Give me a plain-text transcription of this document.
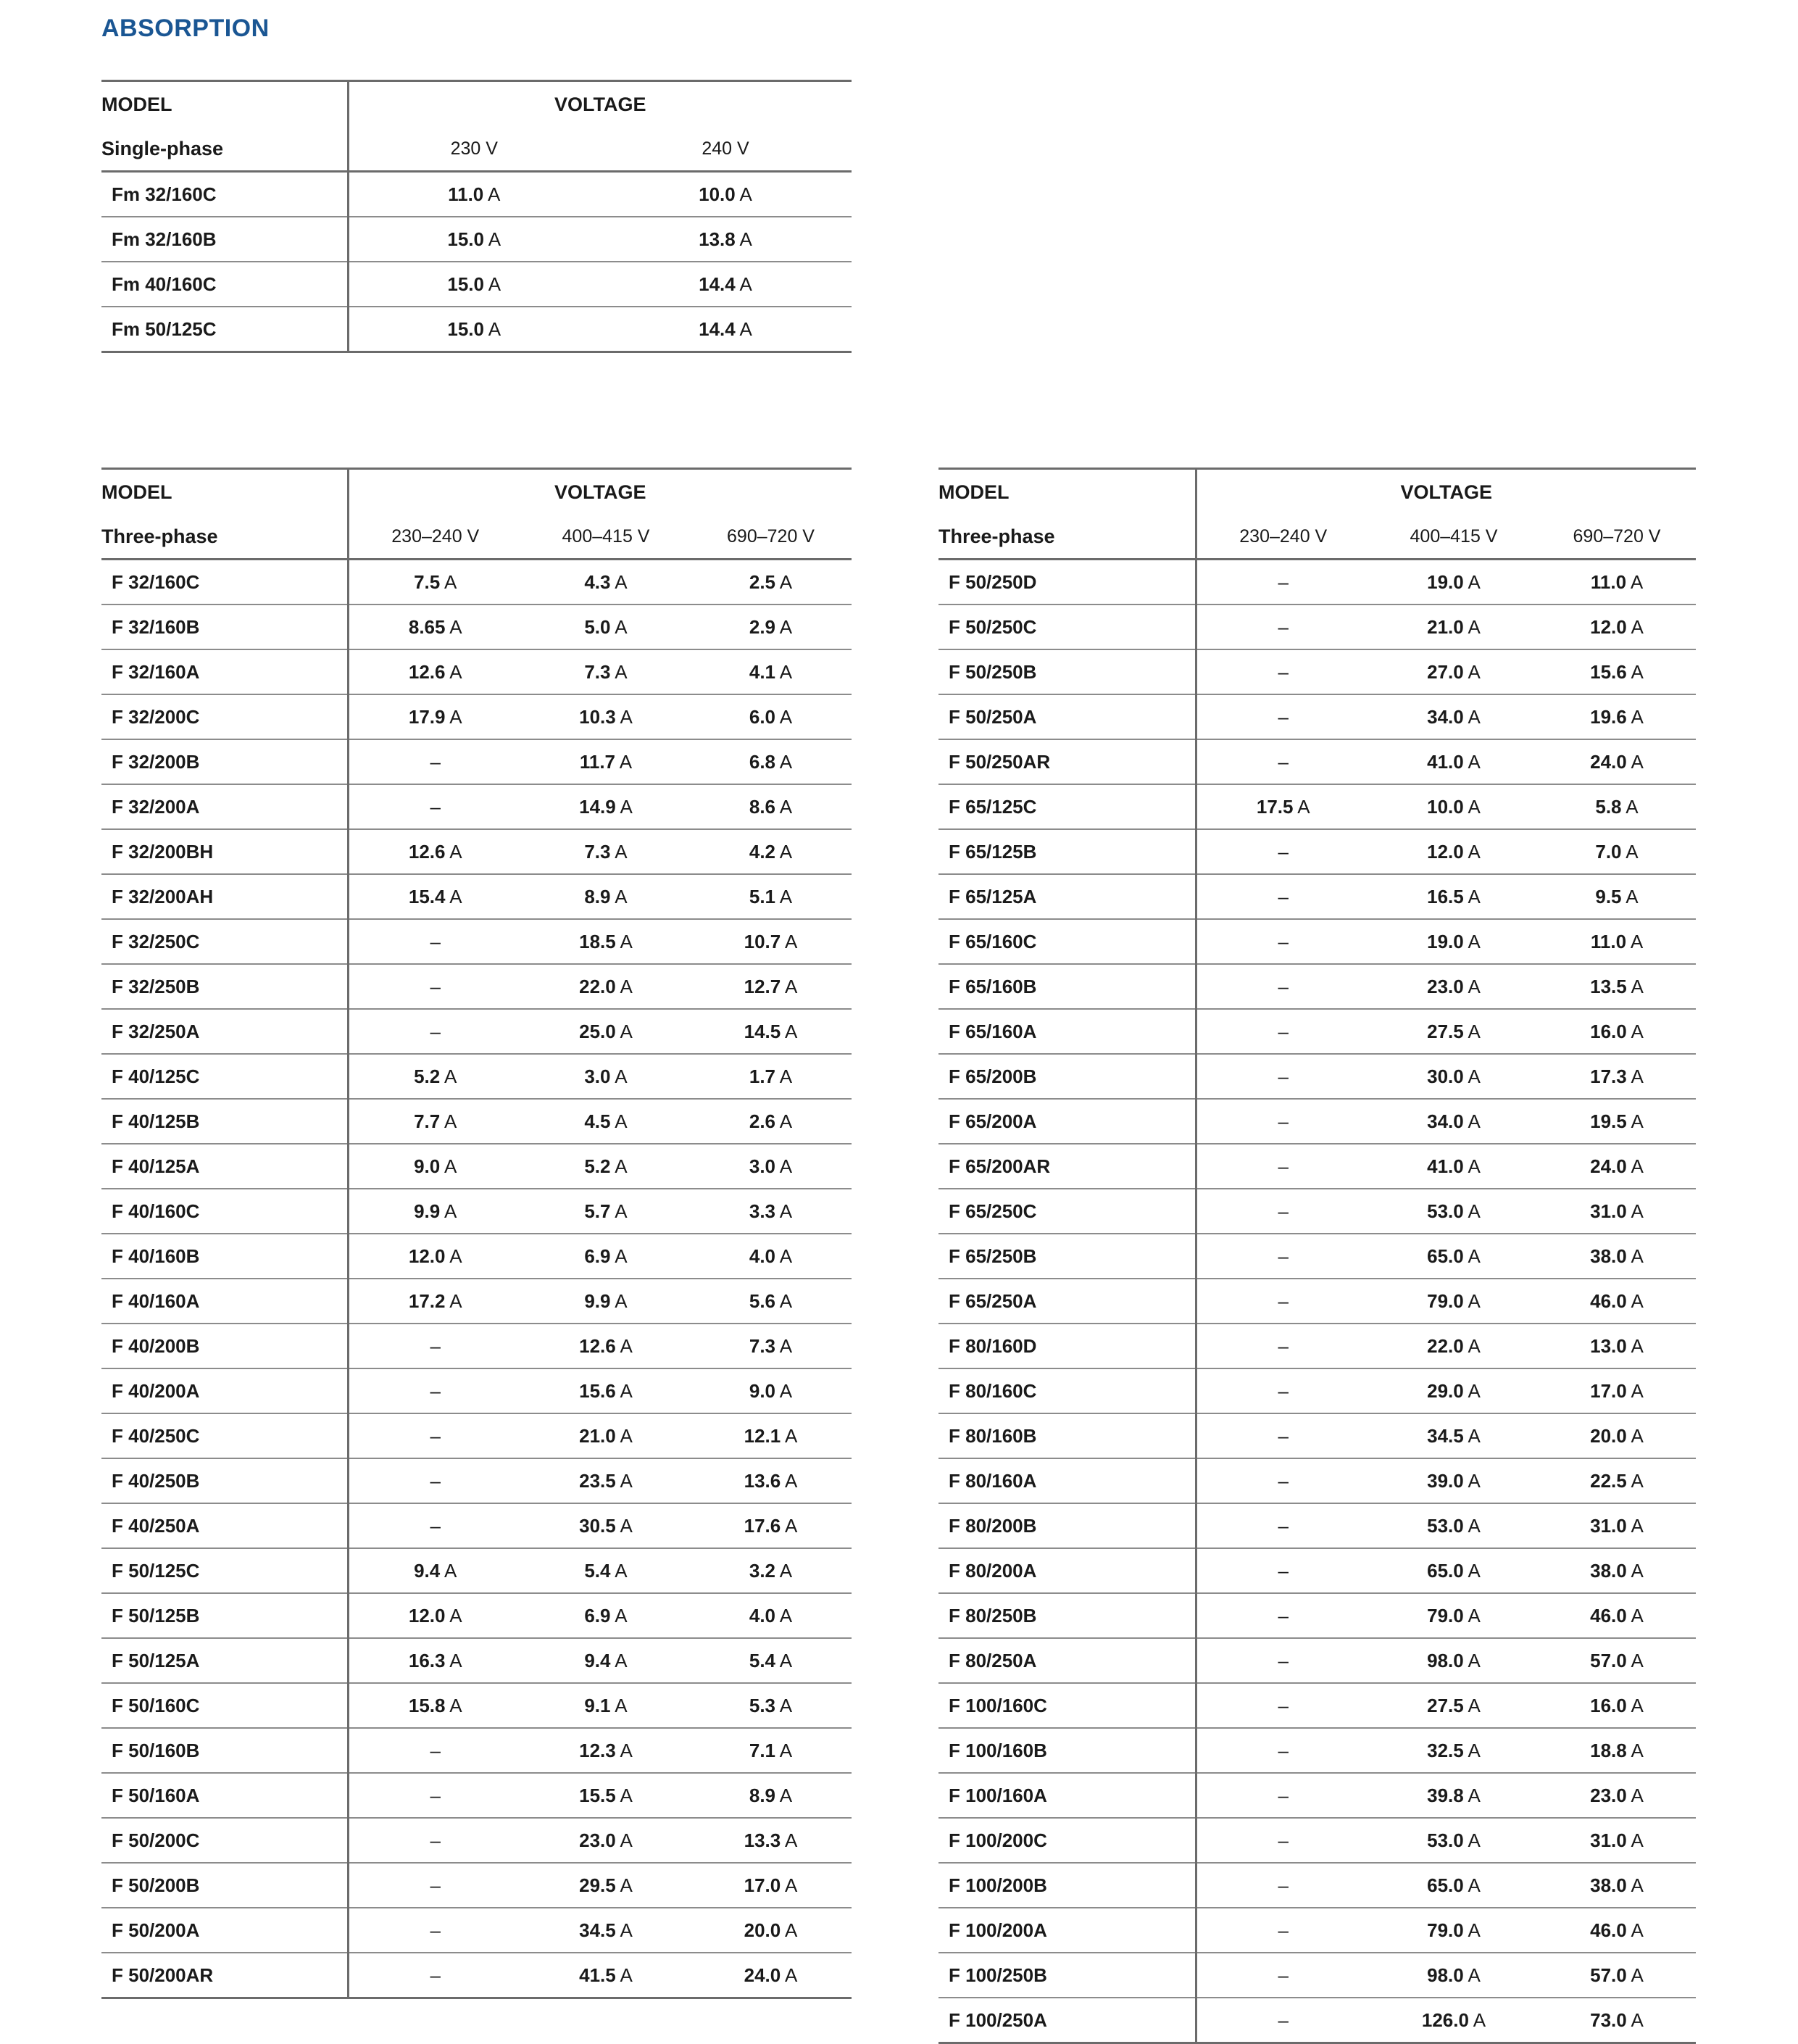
ABSORPTION
MODEL	VOLTAGE	
Single-phase	230 V	240 V
Fm 32/160C	11.0 A	10.0 A
Fm 32/160B	15.0 A	13.8 A
Fm 40/160C	15.0 A	14.4 A
Fm 50/125C	15.0 A	14.4 A
MODEL	VOLTAGE		
Three-phase	230–240 V	400–415 V	690–720 V
F 32/160C	7.5 A	4.3 A	2.5 A
F 32/160B	8.65 A	5.0 A	2.9 A
F 32/160A	12.6 A	7.3 A	4.1 A
F 32/200C	17.9 A	10.3 A	6.0 A
F 32/200B	–	11.7 A	6.8 A
F 32/200A	–	14.9 A	8.6 A
F 32/200BH	12.6 A	7.3 A	4.2 A
F 32/200AH	15.4 A	8.9 A	5.1 A
F 32/250C	–	18.5 A	10.7 A
F 32/250B	–	22.0 A	12.7 A
F 32/250A	–	25.0 A	14.5 A
F 40/125C	5.2 A	3.0 A	1.7 A
F 40/125B	7.7 A	4.5 A	2.6 A
F 40/125A	9.0 A	5.2 A	3.0 A
F 40/160C	9.9 A	5.7 A	3.3 A
F 40/160B	12.0 A	6.9 A	4.0 A
F 40/160A	17.2 A	9.9 A	5.6 A
F 40/200B	–	12.6 A	7.3 A
F 40/200A	–	15.6 A	9.0 A
F 40/250C	–	21.0 A	12.1 A
F 40/250B	–	23.5 A	13.6 A
F 40/250A	–	30.5 A	17.6 A
F 50/125C	9.4 A	5.4 A	3.2 A
F 50/125B	12.0 A	6.9 A	4.0 A
F 50/125A	16.3 A	9.4 A	5.4 A
F 50/160C	15.8 A	9.1 A	5.3 A
F 50/160B	–	12.3 A	7.1 A
F 50/160A	–	15.5 A	8.9 A
F 50/200C	–	23.0 A	13.3 A
F 50/200B	–	29.5 A	17.0 A
F 50/200A	–	34.5 A	20.0 A
F 50/200AR	–	41.5 A	24.0 A
MODEL	VOLTAGE		
Three-phase	230–240 V	400–415 V	690–720 V
F 50/250D	–	19.0 A	11.0 A
F 50/250C	–	21.0 A	12.0 A
F 50/250B	–	27.0 A	15.6 A
F 50/250A	–	34.0 A	19.6 A
F 50/250AR	–	41.0 A	24.0 A
F 65/125C	17.5 A	10.0 A	5.8 A
F 65/125B	–	12.0 A	7.0 A
F 65/125A	–	16.5 A	9.5 A
F 65/160C	–	19.0 A	11.0 A
F 65/160B	–	23.0 A	13.5 A
F 65/160A	–	27.5 A	16.0 A
F 65/200B	–	30.0 A	17.3 A
F 65/200A	–	34.0 A	19.5 A
F 65/200AR	–	41.0 A	24.0 A
F 65/250C	–	53.0 A	31.0 A
F 65/250B	–	65.0 A	38.0 A
F 65/250A	–	79.0 A	46.0 A
F 80/160D	–	22.0 A	13.0 A
F 80/160C	–	29.0 A	17.0 A
F 80/160B	–	34.5 A	20.0 A
F 80/160A	–	39.0 A	22.5 A
F 80/200B	–	53.0 A	31.0 A
F 80/200A	–	65.0 A	38.0 A
F 80/250B	–	79.0 A	46.0 A
F 80/250A	–	98.0 A	57.0 A
F 100/160C	–	27.5 A	16.0 A
F 100/160B	–	32.5 A	18.8 A
F 100/160A	–	39.8 A	23.0 A
F 100/200C	–	53.0 A	31.0 A
F 100/200B	–	65.0 A	38.0 A
F 100/200A	–	79.0 A	46.0 A
F 100/250B	–	98.0 A	57.0 A
F 100/250A	–	126.0 A	73.0 A
